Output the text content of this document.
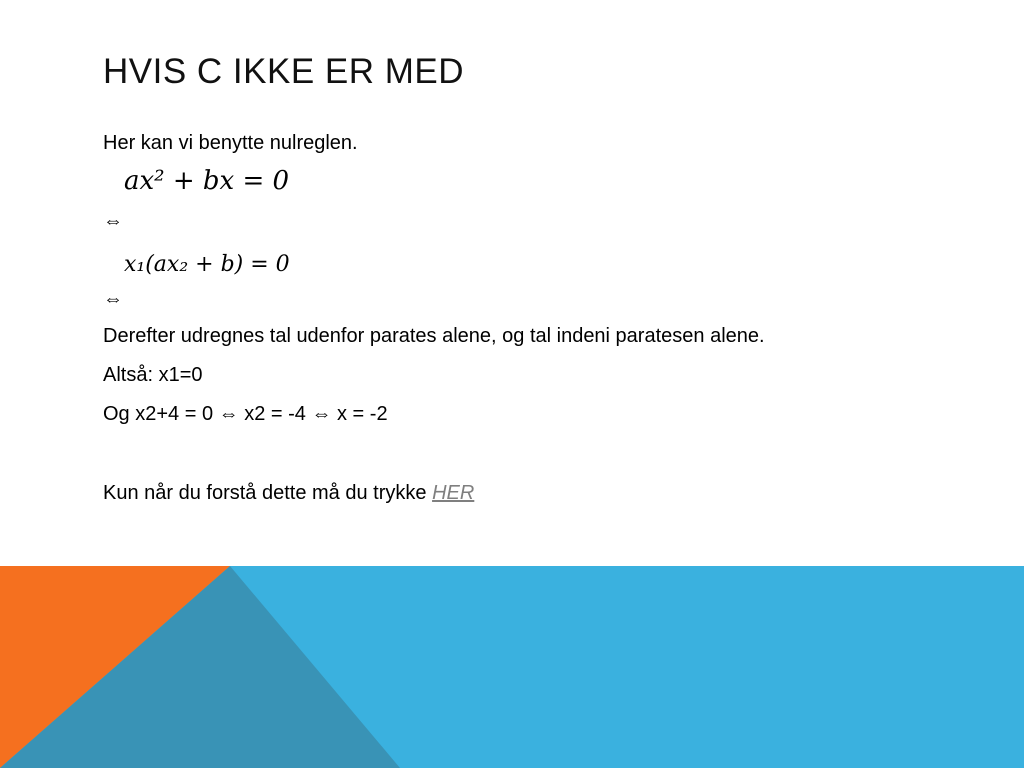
HVIS C IKKE ER MED
Her kan vi benytte nulreglen.
ax² + bx = 0
⇔
x₁(ax₂ + b) = 0
⇔
Derefter udregnes tal udenfor parates alene, og tal indeni paratesen alene.
Altså: x1=0
Og x2+4 = 0 ⇔ x2 = -4 ⇔ x = -2
Kun når du forstå dette må du trykke HER
